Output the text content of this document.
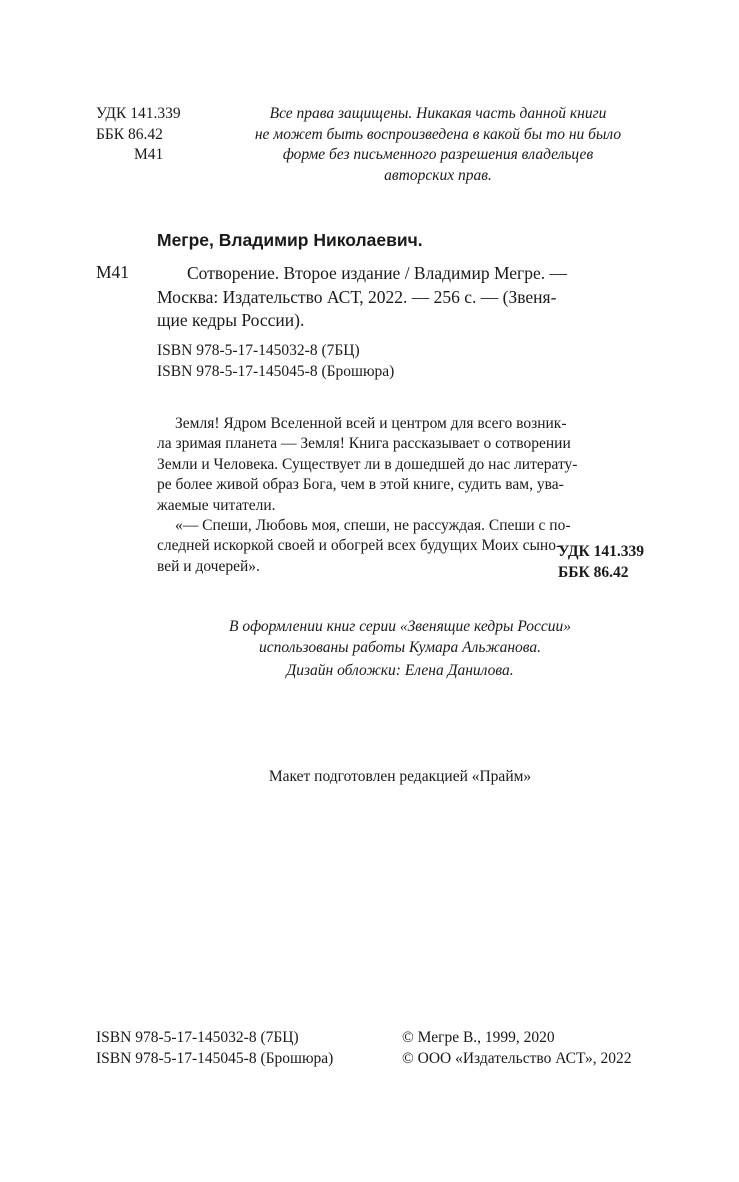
УДК 141.339
ББК 86.42
М41
Все права защищены. Никакая часть данной книги
не может быть воспроизведена в какой бы то ни было
форме без письменного разрешения владельцев
авторских прав.
Мегре, Владимир Николаевич.
М41	Сотворение. Второе издание / Владимир Мегре. —
Москва: Издательство АСТ, 2022. — 256 с. — (Звеня-
щие кедры России).
ISBN 978-5-17-145032-8 (7БЦ)
ISBN 978-5-17-145045-8 (Брошюра)
Земля! Ядром Вселенной всей и центром для всего возник-
ла зримая планета — Земля! Книга рассказывает о сотворении
Земли и Человека. Существует ли в дошедшей до нас литерату-
ре более живой образ Бога, чем в этой книге, судить вам, ува-
жаемые читатели.
«— Спеши, Любовь моя, спеши, не рассуждая. Спеши с по-
следней искоркой своей и обогрей всех будущих Моих сыно-
вей и дочерей».
УДК 141.339
ББК 86.42
В оформлении книг серии «Звенящие кедры России»
использованы работы Кумара Альжанова.
Дизайн обложки: Елена Данилова.
Макет подготовлен редакцией «Прайм»
ISBN 978-5-17-145032-8 (7БЦ)
ISBN 978-5-17-145045-8 (Брошюра)
© Мегре В., 1999, 2020
© ООО «Издательство АСТ», 2022
